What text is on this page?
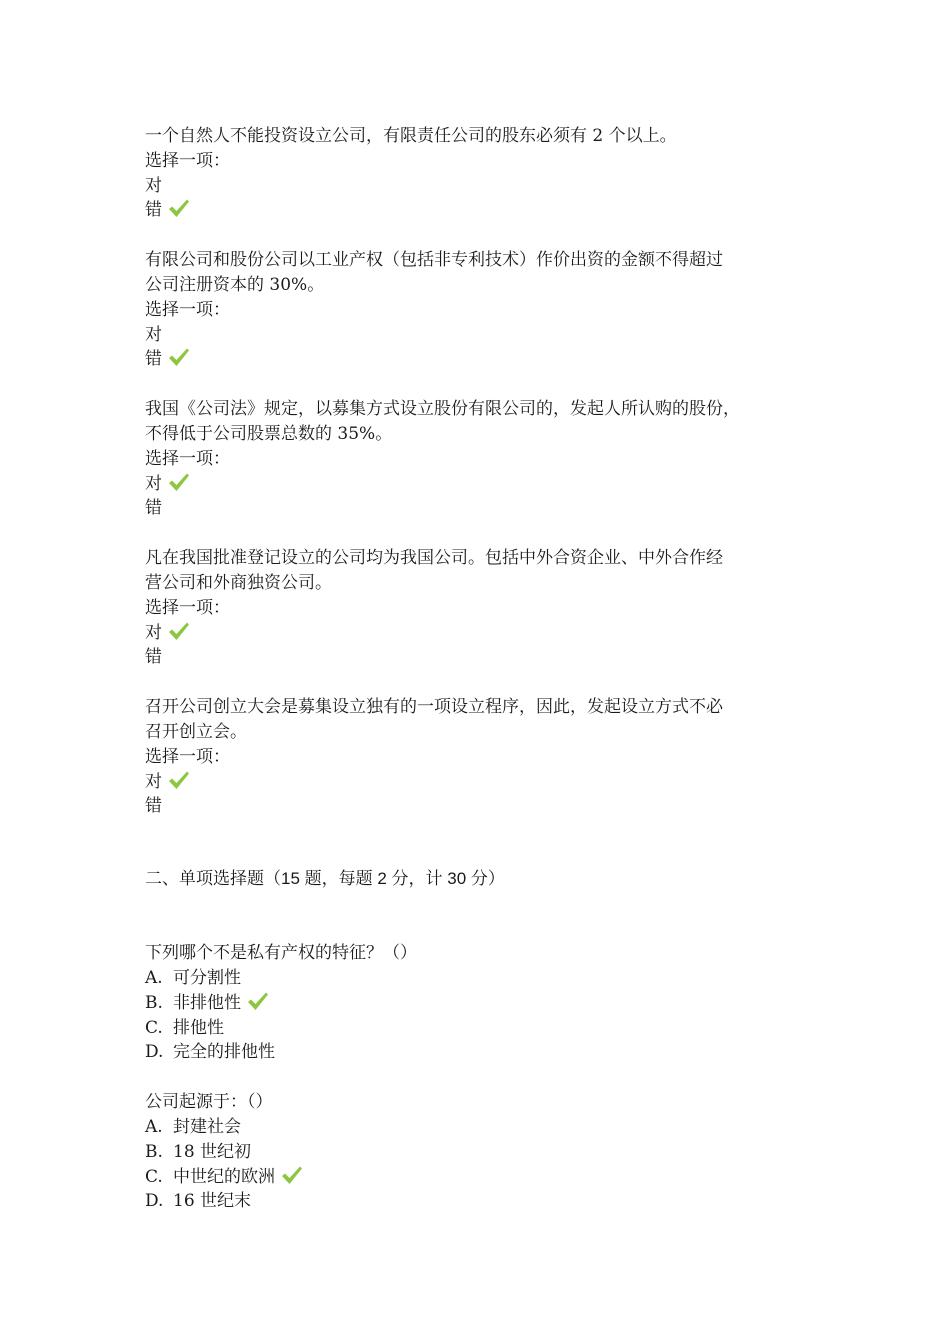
一个自然人不能投资设立公司，有限责任公司的股东必须有 2 个以上。
选择一项：
对
错
有限公司和股份公司以工业产权（包括非专利技术）作价出资的金额不得超过
公司注册资本的 30%。
选择一项：
对
错
我国《公司法》规定，以募集方式设立股份有限公司的，发起人所认购的股份，
不得低于公司股票总数的 35%。
选择一项：
对
错
凡在我国批准登记设立的公司均为我国公司。包括中外合资企业、中外合作经
营公司和外商独资公司。
选择一项：
对
错
召开公司创立大会是募集设立独有的一项设立程序，因此，发起设立方式不必
召开创立会。
选择一项：
对
错
二、单项选择题（15 题，每题 2 分，计 30 分）
下列哪个不是私有产权的特征？（）
A. 可分割性
B. 非排他性
C. 排他性
D. 完全的排他性
公司起源于：（）
A. 封建社会
B. 18 世纪初
C. 中世纪的欧洲
D. 16 世纪末
